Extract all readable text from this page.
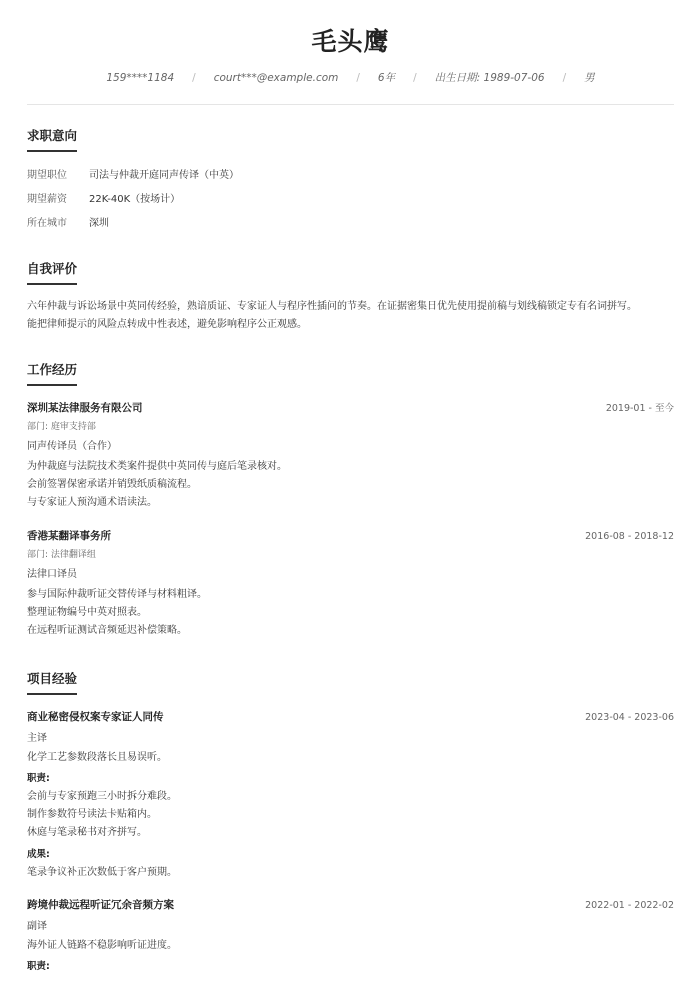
毛头鹰
159****1184 / court***@example.com / 6年 / 出生日期: 1989-07-06 / 男
求职意向
期望职位	司法与仲裁开庭同声传译（中英）
期望薪资	22K-40K（按场计）
所在城市	深圳
自我评价
六年仲裁与诉讼场景中英同传经验，熟谙质证、专家证人与程序性插问的节奏。在证据密集日优先使用提前稿与划线稿锁定专有名词拼写。
能把律师提示的风险点转成中性表述，避免影响程序公正观感。
工作经历
深圳某法律服务有限公司	2019-01 - 至今
部门: 庭审支持部
同声传译员（合作）
为仲裁庭与法院技术类案件提供中英同传与庭后笔录核对。
会前签署保密承诺并销毁纸质稿流程。
与专家证人预沟通术语读法。
香港某翻译事务所	2016-08 - 2018-12
部门: 法律翻译组
法律口译员
参与国际仲裁听证交替传译与材料粗译。
整理证物编号中英对照表。
在远程听证测试音频延迟补偿策略。
项目经验
商业秘密侵权案专家证人同传	2023-04 - 2023-06
主译
化学工艺参数段落长且易误听。
职责:
会前与专家预跑三小时拆分难段。
制作参数符号读法卡贴箱内。
休庭与笔录秘书对齐拼写。
成果:
笔录争议补正次数低于客户预期。
跨境仲裁远程听证冗余音频方案	2022-01 - 2022-02
副译
海外证人链路不稳影响听证进度。
职责:
